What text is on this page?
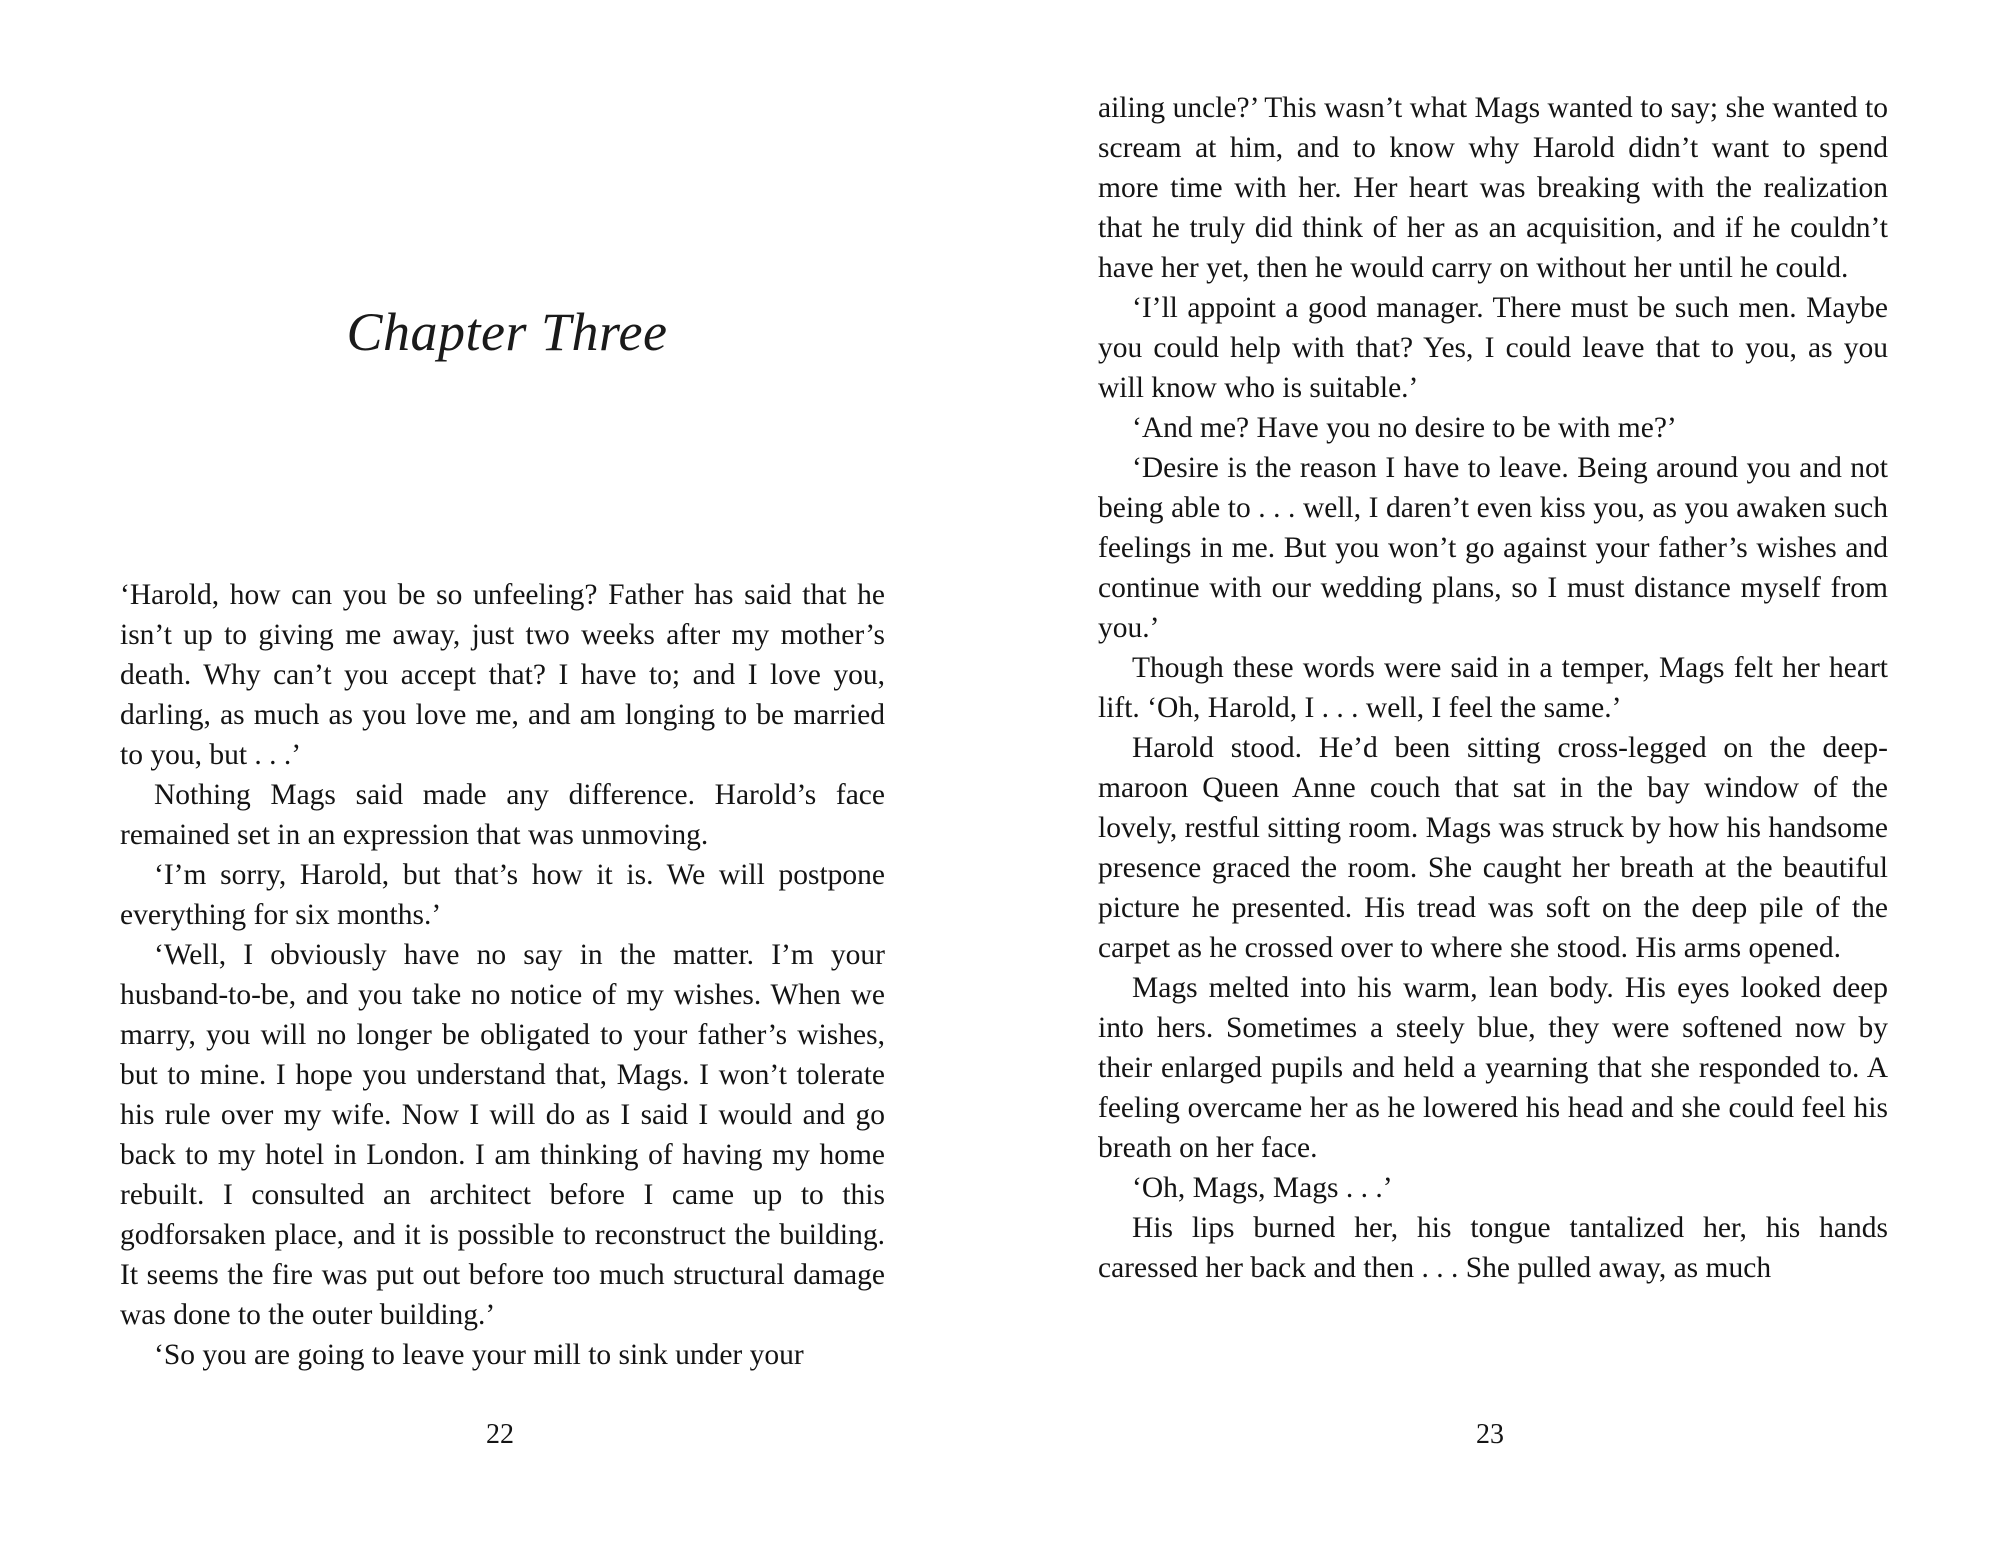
Chapter Three

‘Harold, how can you be so unfeeling? Father has said that he isn’t up to giving me away, just two weeks after my mother’s death. Why can’t you accept that? I have to; and I love you, darling, as much as you love me, and am longing to be married to you, but . . .’

Nothing Mags said made any difference. Harold’s face remained set in an expression that was unmoving.

‘I’m sorry, Harold, but that’s how it is. We will postpone everything for six months.’

‘Well, I obviously have no say in the matter. I’m your husband-to-be, and you take no notice of my wishes. When we marry, you will no longer be obligated to your father’s wishes, but to mine. I hope you understand that, Mags. I won’t tolerate his rule over my wife. Now I will do as I said I would and go back to my hotel in London. I am thinking of having my home rebuilt. I consulted an architect before I came up to this godforsaken place, and it is possible to reconstruct the building. It seems the fire was put out before too much structural damage was done to the outer building.’

‘So you are going to leave your mill to sink under your

22

ailing uncle?’ This wasn’t what Mags wanted to say; she wanted to scream at him, and to know why Harold didn’t want to spend more time with her. Her heart was breaking with the realization that he truly did think of her as an acquisition, and if he couldn’t have her yet, then he would carry on without her until he could.

‘I’ll appoint a good manager. There must be such men. Maybe you could help with that? Yes, I could leave that to you, as you will know who is suitable.’

‘And me? Have you no desire to be with me?’

‘Desire is the reason I have to leave. Being around you and not being able to . . . well, I daren’t even kiss you, as you awaken such feelings in me. But you won’t go against your father’s wishes and continue with our wedding plans, so I must distance myself from you.’

Though these words were said in a temper, Mags felt her heart lift. ‘Oh, Harold, I . . . well, I feel the same.’

Harold stood. He’d been sitting cross-legged on the deep-maroon Queen Anne couch that sat in the bay window of the lovely, restful sitting room. Mags was struck by how his handsome presence graced the room. She caught her breath at the beautiful picture he presented. His tread was soft on the deep pile of the carpet as he crossed over to where she stood. His arms opened.

Mags melted into his warm, lean body. His eyes looked deep into hers. Sometimes a steely blue, they were softened now by their enlarged pupils and held a yearning that she responded to. A feeling overcame her as he lowered his head and she could feel his breath on her face.

‘Oh, Mags, Mags . . .’

His lips burned her, his tongue tantalized her, his hands caressed her back and then . . . She pulled away, as much

23
